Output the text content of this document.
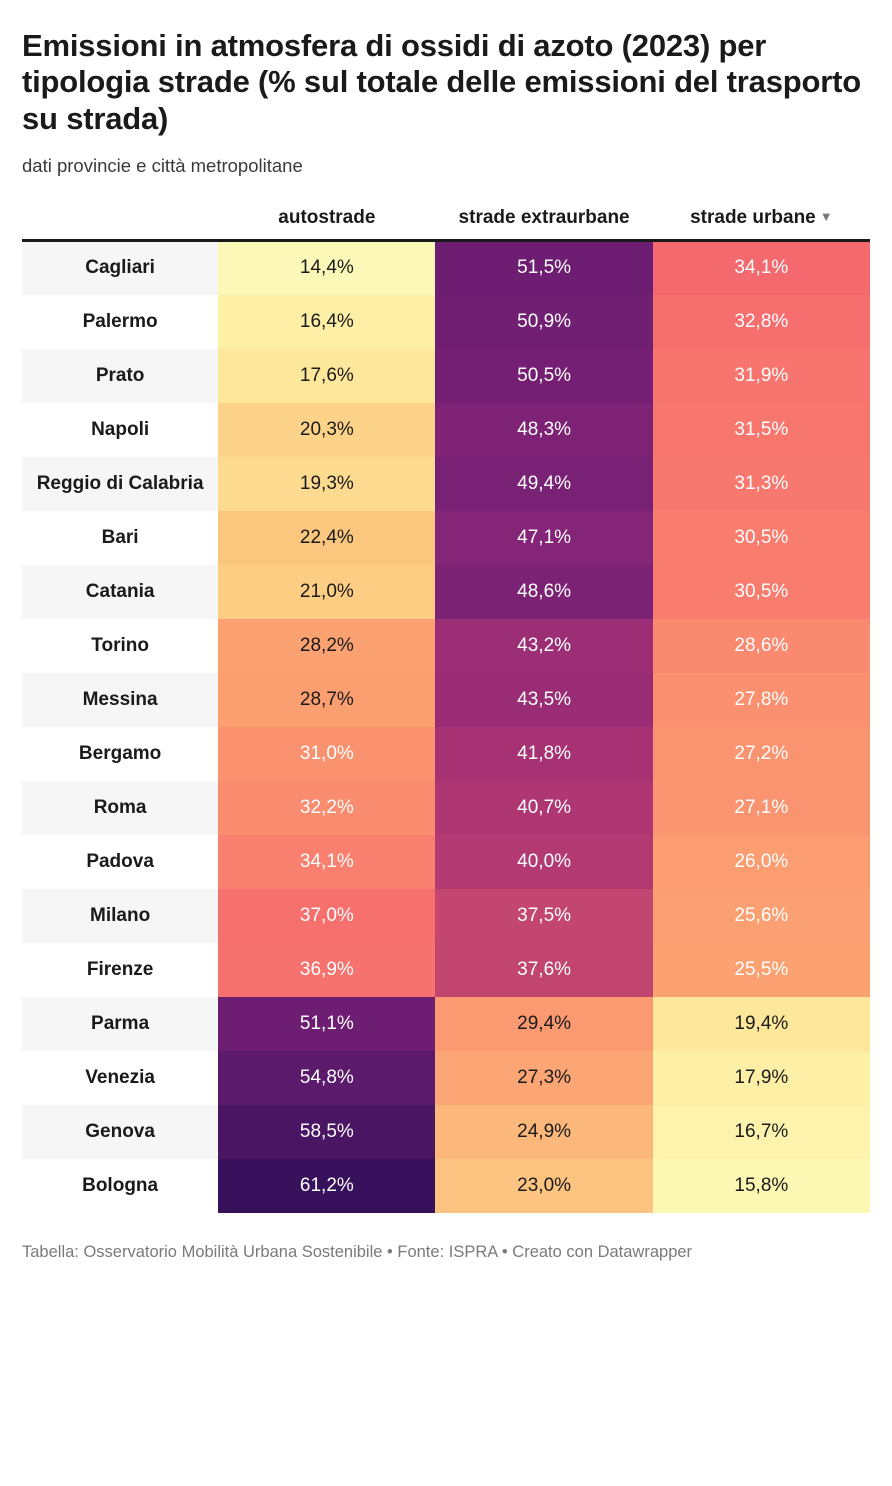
Emissioni in atmosfera di ossidi di azoto (2023) per tipologia strade (% sul totale delle emissioni del trasporto su strada)
dati provincie e città metropolitane
	autostrade	strade extraurbane	strade urbane ▼
Cagliari	14,4%	51,5%	34,1%
Palermo	16,4%	50,9%	32,8%
Prato	17,6%	50,5%	31,9%
Napoli	20,3%	48,3%	31,5%
Reggio di Calabria	19,3%	49,4%	31,3%
Bari	22,4%	47,1%	30,5%
Catania	21,0%	48,6%	30,5%
Torino	28,2%	43,2%	28,6%
Messina	28,7%	43,5%	27,8%
Bergamo	31,0%	41,8%	27,2%
Roma	32,2%	40,7%	27,1%
Padova	34,1%	40,0%	26,0%
Milano	37,0%	37,5%	25,6%
Firenze	36,9%	37,6%	25,5%
Parma	51,1%	29,4%	19,4%
Venezia	54,8%	27,3%	17,9%
Genova	58,5%	24,9%	16,7%
Bologna	61,2%	23,0%	15,8%
Tabella: Osservatorio Mobilità Urbana Sostenibile • Fonte: ISPRA • Creato con Datawrapper
